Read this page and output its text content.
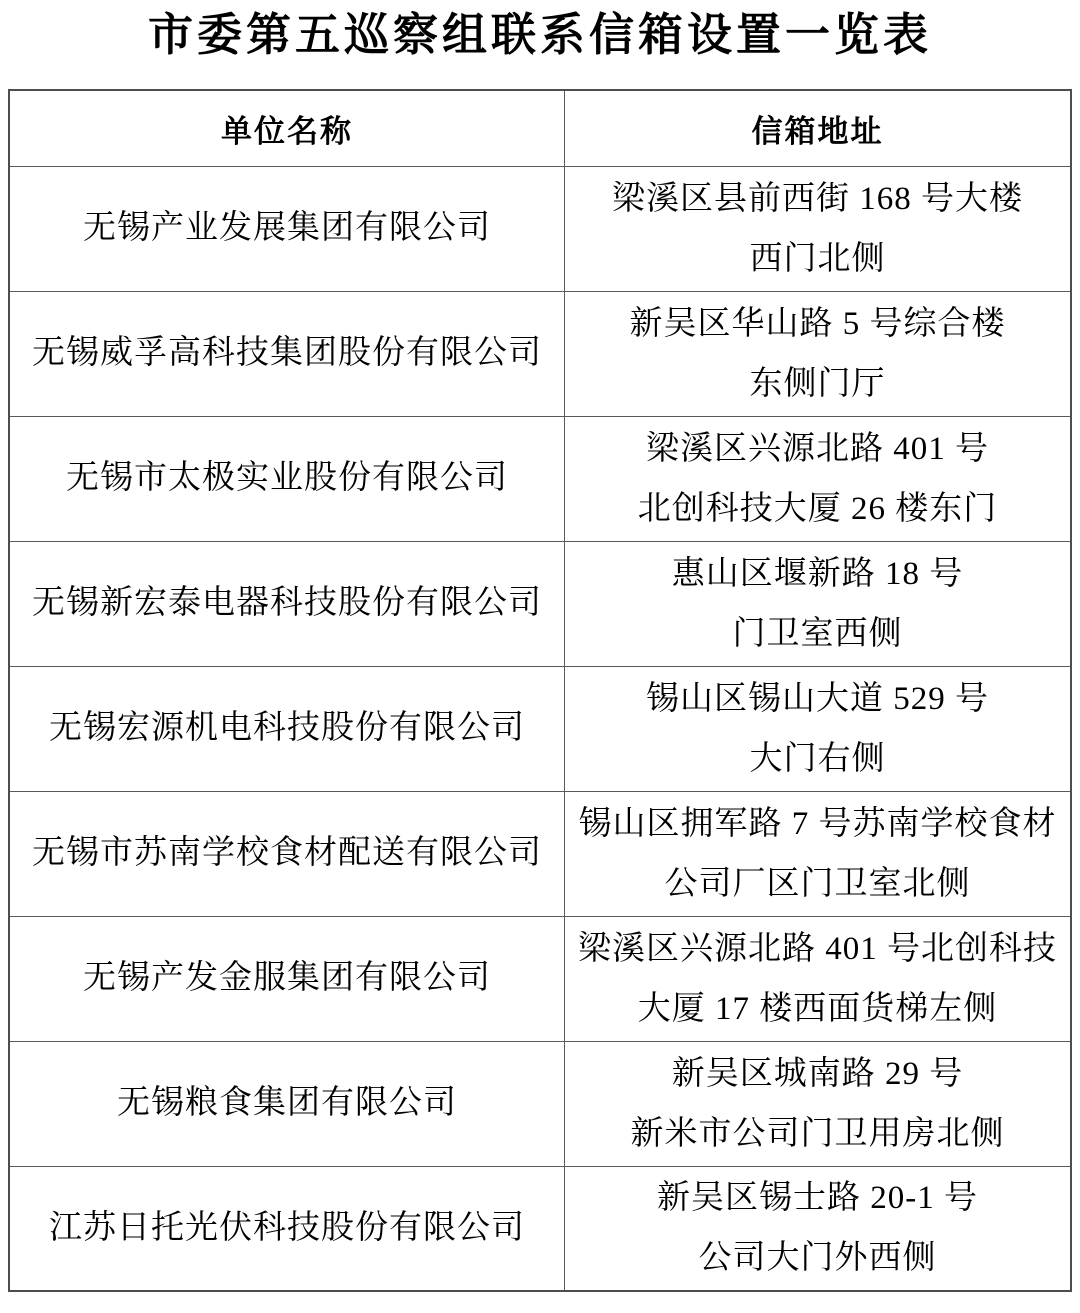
市委第五巡察组联系信箱设置一览表
单位名称	信箱地址

无锡产业发展集团有限公司	梁溪区县前西街 168 号大楼
西门北侧

无锡威孚高科技集团股份有限公司	新吴区华山路 5 号综合楼
东侧门厅

无锡市太极实业股份有限公司	梁溪区兴源北路 401 号
北创科技大厦 26 楼东门

无锡新宏泰电器科技股份有限公司	惠山区堰新路 18 号
门卫室西侧

无锡宏源机电科技股份有限公司	锡山区锡山大道 529 号
大门右侧

无锡市苏南学校食材配送有限公司	锡山区拥军路 7 号苏南学校食材
公司厂区门卫室北侧

无锡产发金服集团有限公司	梁溪区兴源北路 401 号北创科技
大厦 17 楼西面货梯左侧

无锡粮食集团有限公司	新吴区城南路 29 号
新米市公司门卫用房北侧

江苏日托光伏科技股份有限公司	新吴区锡士路 20-1 号
公司大门外西侧
